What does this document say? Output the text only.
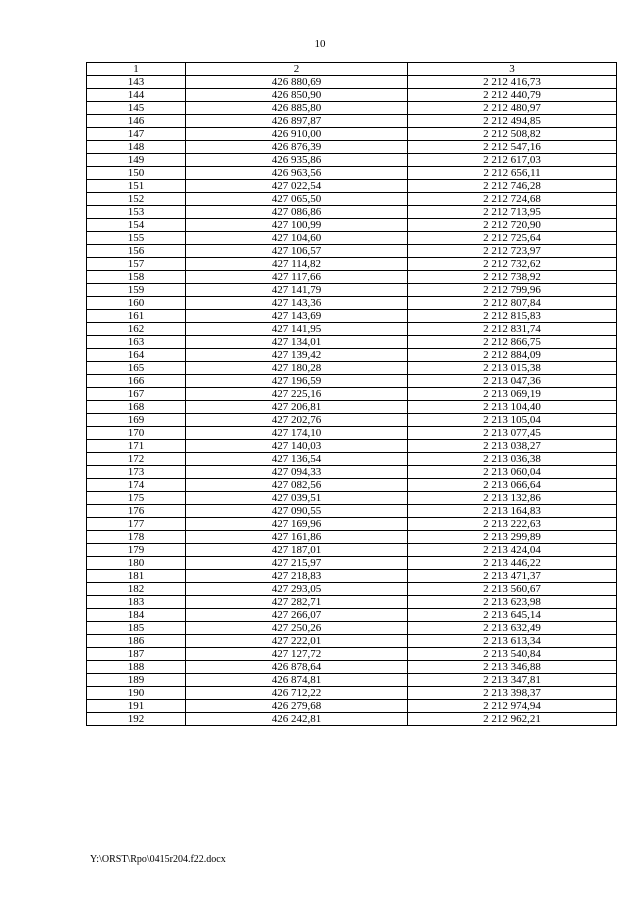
10
1	2	3
143	426 880,69	2 212 416,73
144	426 850,90	2 212 440,79
145	426 885,80	2 212 480,97
146	426 897,87	2 212 494,85
147	426 910,00	2 212 508,82
148	426 876,39	2 212 547,16
149	426 935,86	2 212 617,03
150	426 963,56	2 212 656,11
151	427 022,54	2 212 746,28
152	427 065,50	2 212 724,68
153	427 086,86	2 212 713,95
154	427 100,99	2 212 720,90
155	427 104,60	2 212 725,64
156	427 106,57	2 212 723,97
157	427 114,82	2 212 732,62
158	427 117,66	2 212 738,92
159	427 141,79	2 212 799,96
160	427 143,36	2 212 807,84
161	427 143,69	2 212 815,83
162	427 141,95	2 212 831,74
163	427 134,01	2 212 866,75
164	427 139,42	2 212 884,09
165	427 180,28	2 213 015,38
166	427 196,59	2 213 047,36
167	427 225,16	2 213 069,19
168	427 206,81	2 213 104,40
169	427 202,76	2 213 105,04
170	427 174,10	2 213 077,45
171	427 140,03	2 213 038,27
172	427 136,54	2 213 036,38
173	427 094,33	2 213 060,04
174	427 082,56	2 213 066,64
175	427 039,51	2 213 132,86
176	427 090,55	2 213 164,83
177	427 169,96	2 213 222,63
178	427 161,86	2 213 299,89
179	427 187,01	2 213 424,04
180	427 215,97	2 213 446,22
181	427 218,83	2 213 471,37
182	427 293,05	2 213 560,67
183	427 282,71	2 213 623,98
184	427 266,07	2 213 645,14
185	427 250,26	2 213 632,49
186	427 222,01	2 213 613,34
187	427 127,72	2 213 540,84
188	426 878,64	2 213 346,88
189	426 874,81	2 213 347,81
190	426 712,22	2 213 398,37
191	426 279,68	2 212 974,94
192	426 242,81	2 212 962,21
Y:\ORST\Rpo\0415r204.f22.docx
